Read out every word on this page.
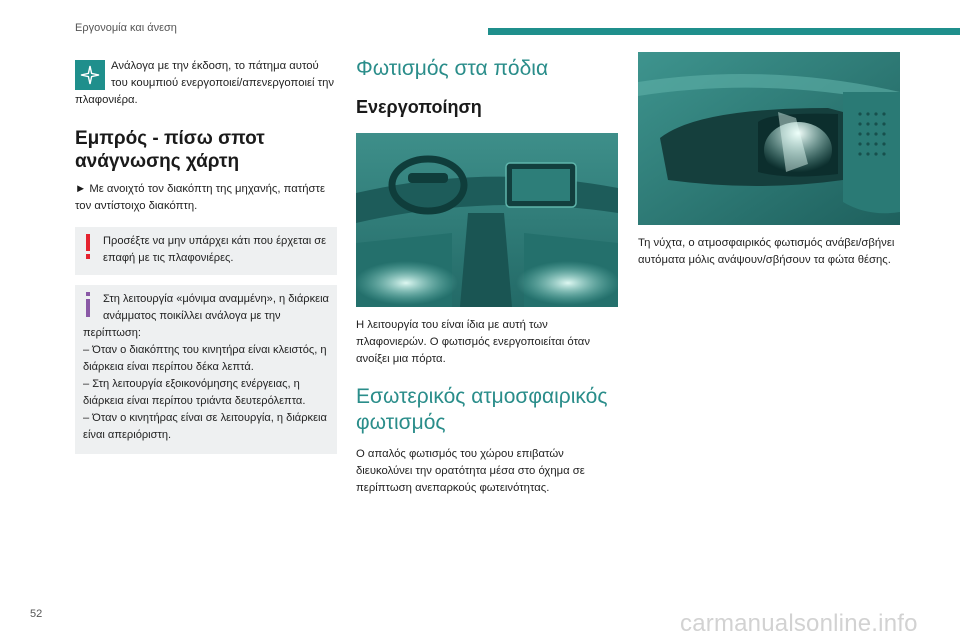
Εργονομία και άνεση

Ανάλογα με την έκδοση, το πάτημα αυτού του κουμπιού ενεργοποιεί/απενεργοποιεί την πλαφονιέρα.

Εμπρός - πίσω σποτ ανάγνωσης χάρτη

► Με ανοιχτό τον διακόπτη της μηχανής, πατήστε τον αντίστοιχο διακόπτη.

Προσέξτε να μην υπάρχει κάτι που έρχεται σε επαφή με τις πλαφονιέρες.

Στη λειτουργία «μόνιμα αναμμένη», η διάρκεια ανάμματος ποικίλλει ανάλογα με την περίπτωση:

– Όταν ο διακόπτης του κινητήρα είναι κλειστός, η διάρκεια είναι περίπου δέκα λεπτά.

– Στη λειτουργία εξοικονόμησης ενέργειας, η διάρκεια είναι περίπου τριάντα δευτερόλεπτα.

– Όταν ο κινητήρας είναι σε λειτουργία, η διάρκεια είναι απεριόριστη.

Φωτισμός στα πόδια
Ενεργοποίηση

Η λειτουργία του είναι ίδια με αυτή των πλαφονιερών. Ο φωτισμός ενεργοποιείται όταν ανοίξει μια πόρτα.

Εσωτερικός ατμοσφαιρικός φωτισμός

Ο απαλός φωτισμός του χώρου επιβατών διευκολύνει την ορατότητα μέσα στο όχημα σε περίπτωση ανεπαρκούς φωτεινότητας.

Τη νύχτα, ο ατμοσφαιρικός φωτισμός ανάβει/σβήνει αυτόματα μόλις ανάψουν/σβήσουν τα φώτα θέσης.

52	carmanualsonline.info
